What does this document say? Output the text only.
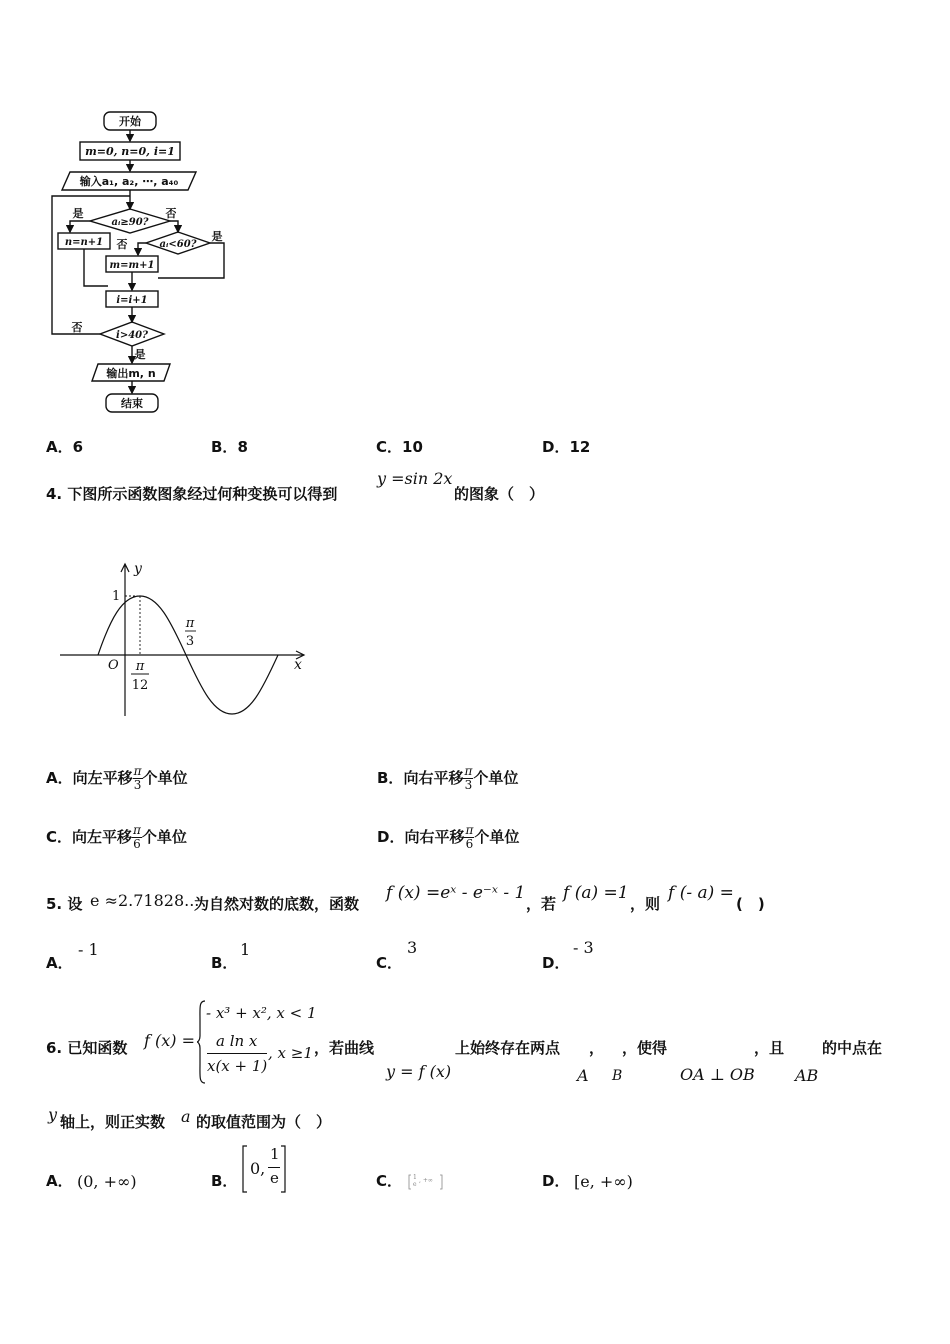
开始
m=0, n=0, i=1
输入a₁, a₂, ⋯, a₄₀
aᵢ≥90?
aᵢ<60?
n=n+1
m=m+1
i=i+1
i>40?
输出m, n
结束
是	否
否
是
否
是
A．6	B．8	C．10	D．12
4. 下图所示函数图象经过何种变换可以得到
y =sin 2x
的图象（　）
y
x
O
1
π
3
π
12
A．向左平移 $\frac{\pi}{3}$ 个单位	B．向右平移 $\frac{\pi}{3}$ 个单位
C．向左平移 $\frac{\pi}{6}$ 个单位	D．向右平移 $\frac{\pi}{6}$ 个单位
5. 设 e ≈2.71828...
为自然对数的底数，函数
f (x) =eˣ - e⁻ˣ - 1
，若
f (a) =1
，则
f (- a) =
(　)
A．
- 1
B．
1
C．
3
D．
- 3
6. 已知函数 f (x) =
- x³ + x², x < 1
a ln x
x(x + 1)
, x ≥1 ，若曲线
y = f (x)
上始终存在两点 ， ，使得	，且	的中点在
A B	OA ⊥ OB	AB
y 轴上，则正实数 a 的取值范围为（　）
A． (0, +∞)	B．
0,
1
e	C． 1
e
, +∞	D． [e, +∞)
